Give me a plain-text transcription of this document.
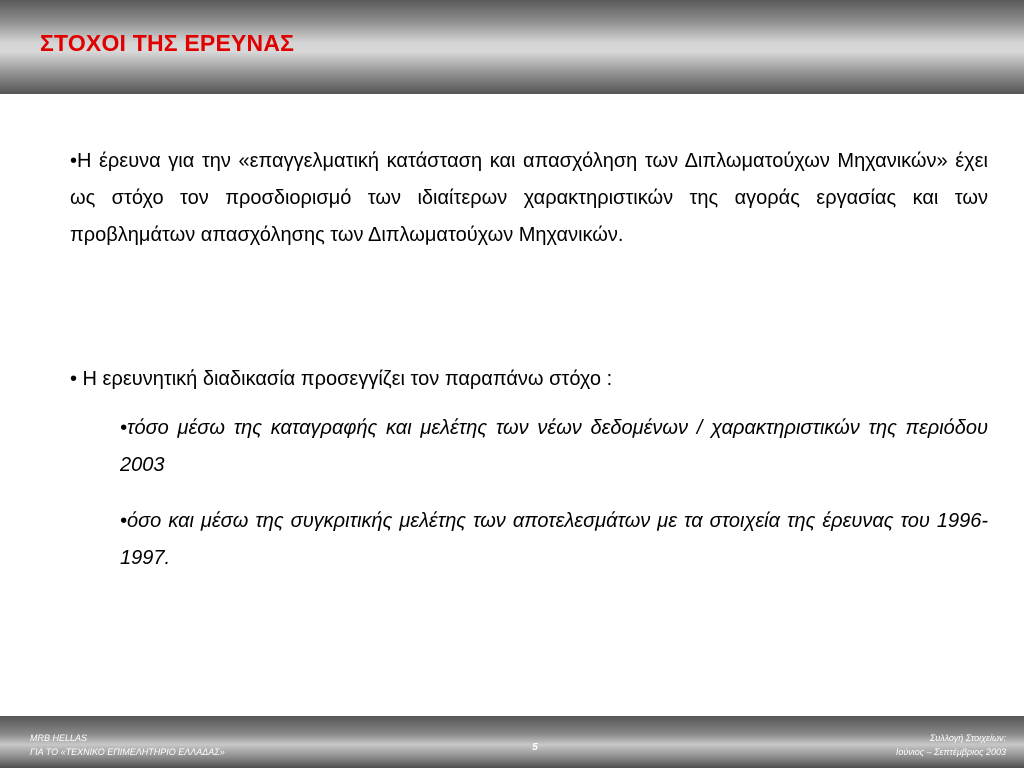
ΣΤΟΧΟΙ ΤΗΣ ΕΡΕΥΝΑΣ

•Η έρευνα για την «επαγγελματική κατάσταση και απασχόληση των Διπλωματούχων Μηχανικών» έχει ως στόχο τον προσδιορισμό των ιδιαίτερων χαρακτηριστικών της αγοράς εργασίας και των προβλημάτων απασχόλησης των Διπλωματούχων Μηχανικών.

• Η ερευνητική διαδικασία προσεγγίζει τον παραπάνω στόχο :

•τόσο μέσω της καταγραφής και μελέτης των νέων δεδομένων / χαρακτηριστικών της περιόδου 2003

•όσο και μέσω της συγκριτικής μελέτης των αποτελεσμάτων με τα στοιχεία της έρευνας του 1996-1997.

MRB HELLAS
ΓΙΑ ΤΟ «ΤΕΧΝΙΚΟ ΕΠΙΜΕΛΗΤΗΡΙΟ ΕΛΛΑΔΑΣ»	5
Συλλογή Στοιχείων:
Ιούνιος – Σεπτέμβριος 2003
